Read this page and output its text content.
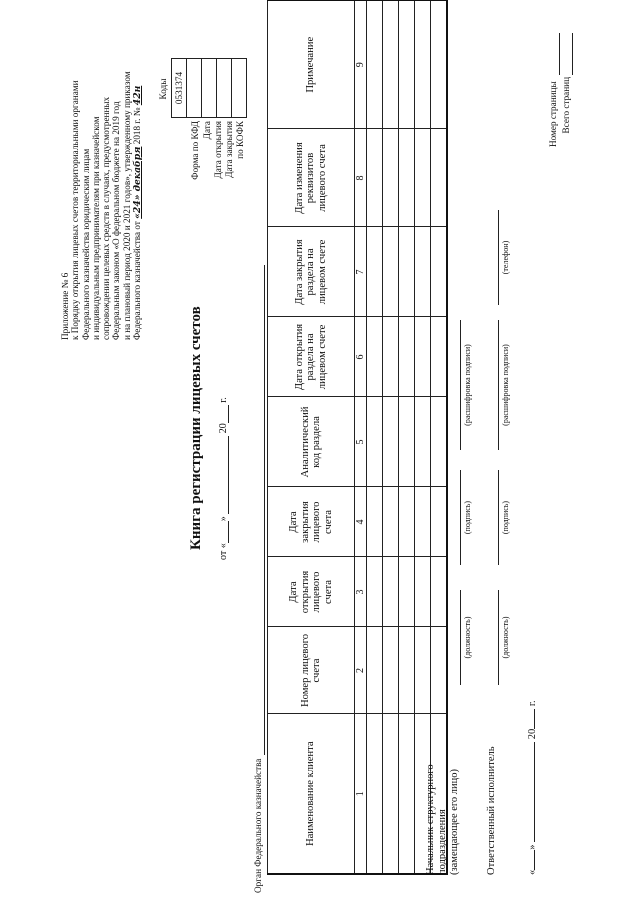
Приложение № 6 к Порядку открытия лицевых счетов территориальными органами Федерального казначейства юридическим лицам и индивидуальным предпринимателям при казначейском сопровождении целевых средств в случаях, предусмотренных Федеральным законом «О федеральном бюджете на 2019 год и на плановый период 2020 и 2021 годов», утвержденному приказом Федерального казначейства от «24» декабря 2018 г. № 42н Коды 0531374

Форма по КФД Дата Дата открытия Дата закрытия по КОФК
Книга регистрации лицевых счетов
от «»  20 г.
Орган Федерального казначейства	Наименование клиента	Номер лицевого счета	Дата открытия лицевого счета	Дата закрытия лицевого счета	Аналитический код раздела	Дата открытия раздела на лицевом счете	Дата закрытия раздела на лицевом счете	Дата изменения реквизитов лицевого счета	Примечание
1	2	3	4	5	6	7	8	9

Начальник структурного подразделения (замещающее его лицо)
(должность)
(подпись)
(расшифровка подписи)
Ответственный исполнитель
(должность)
(подпись)
(расшифровка подписи)
(телефон)
«»  20 г.
Номер страницы Всего страниц
